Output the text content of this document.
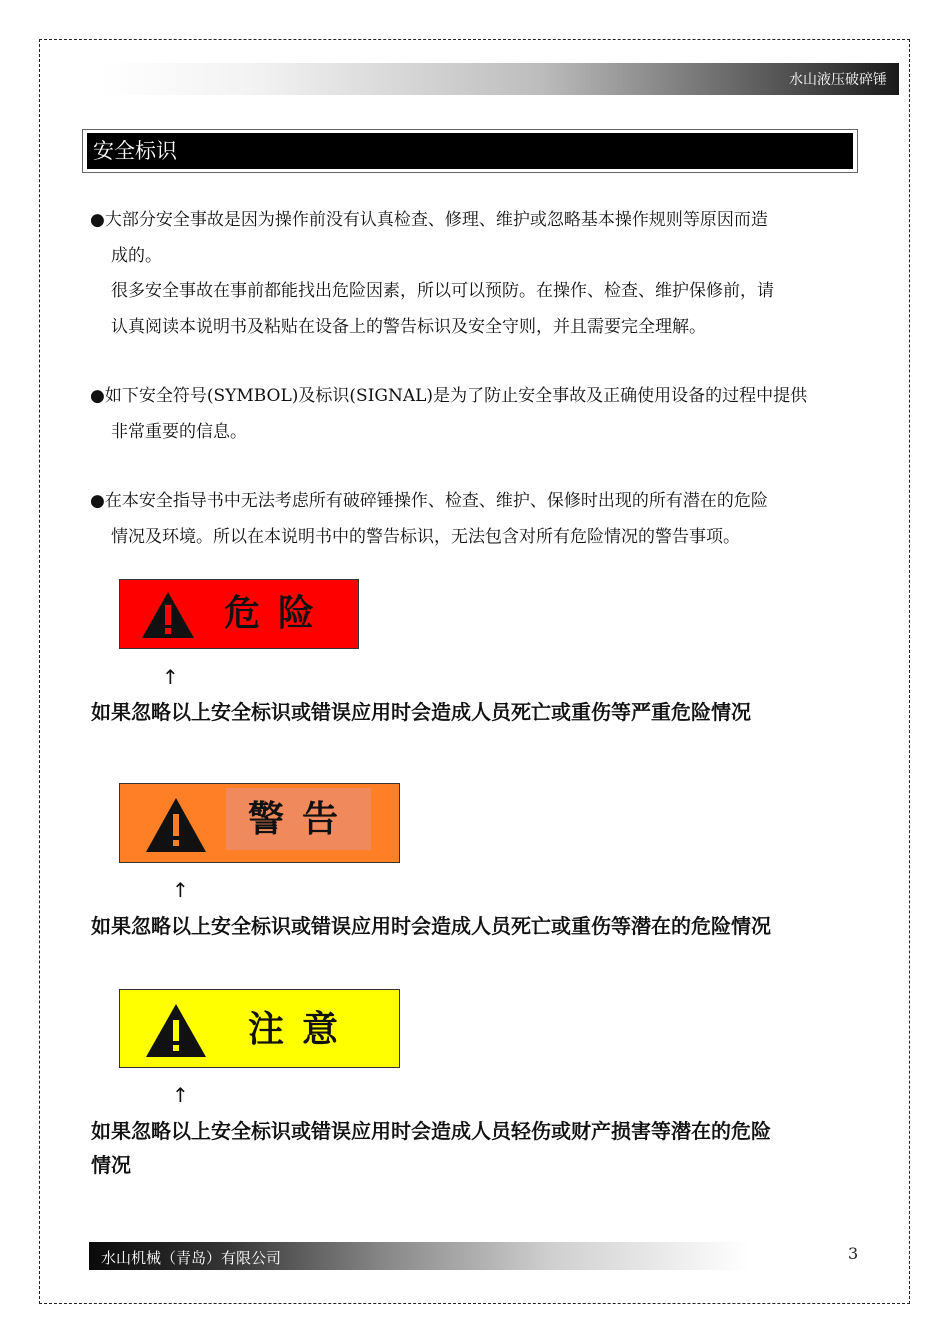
水山液压破碎锤
安全标识

●大部分安全事故是因为操作前没有认真检查、修理、维护或忽略基本操作规则等原因而造

成的。

很多安全事故在事前都能找出危险因素，所以可以预防。在操作、检查、维护保修前，请

认真阅读本说明书及粘贴在设备上的警告标识及安全守则，并且需要完全理解。

●如下安全符号(SYMBOL)及标识(SIGNAL)是为了防止安全事故及正确使用设备的过程中提供

非常重要的信息。

●在本安全指导书中无法考虑所有破碎锤操作、检查、维护、保修时出现的所有潜在的危险

情况及环境。所以在本说明书中的警告标识，无法包含对所有危险情况的警告事项。

危险
↑
如果忽略以上安全标识或错误应用时会造成人员死亡或重伤等严重危险情况
警告
↑
如果忽略以上安全标识或错误应用时会造成人员死亡或重伤等潜在的危险情况
注意
↑
如果忽略以上安全标识或错误应用时会造成人员轻伤或财产损害等潜在的危险
情况
水山机械（青岛）有限公司	3
